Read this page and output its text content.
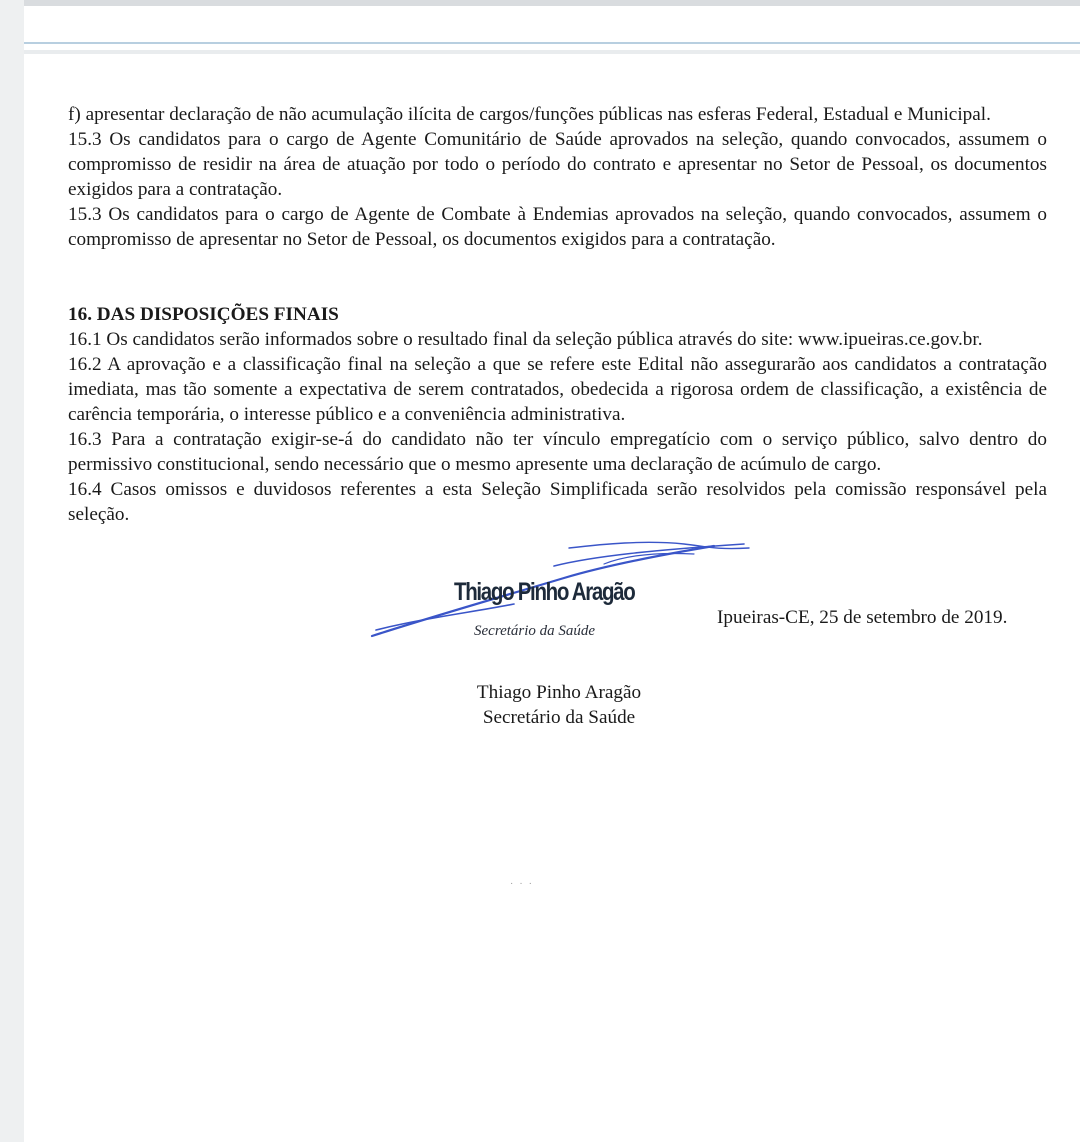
f) apresentar declaração de não acumulação ilícita de cargos/funções públicas nas esferas Federal, Estadual e Municipal.

15.3 Os candidatos para o cargo de Agente Comunitário de Saúde aprovados na seleção, quando convocados, assumem o compromisso de residir na área de atuação por todo o período do contrato e apresentar no Setor de Pessoal, os documentos exigidos para a contratação.

15.3 Os candidatos para o cargo de Agente de Combate à Endemias aprovados na seleção, quando convocados, assumem o compromisso de apresentar no Setor de Pessoal, os documentos exigidos para a contratação.

16. DAS DISPOSIÇÕES FINAIS

16.1 Os candidatos serão informados sobre o resultado final da seleção pública através do site: www.ipueiras.ce.gov.br.

16.2 A aprovação e a classificação final na seleção a que se refere este Edital não assegurarão aos candidatos a contratação imediata, mas tão somente a expectativa de serem contratados, obedecida a rigorosa ordem de classificação, a existência de carência temporária, o interesse público e a conveniência administrativa.

16.3 Para a contratação exigir-se-á do candidato não ter vínculo empregatício com o serviço público, salvo dentro do permissivo constitucional, sendo necessário que o mesmo apresente uma declaração de acúmulo de cargo.

16.4 Casos omissos e duvidosos referentes a esta Seleção Simplificada serão resolvidos pela comissão responsável pela seleção.

Thiago Pinho Aragão
Secretário da Saúde
Ipueiras-CE, 25 de setembro de 2019.
Thiago Pinho Aragão
Secretário da Saúde
···
